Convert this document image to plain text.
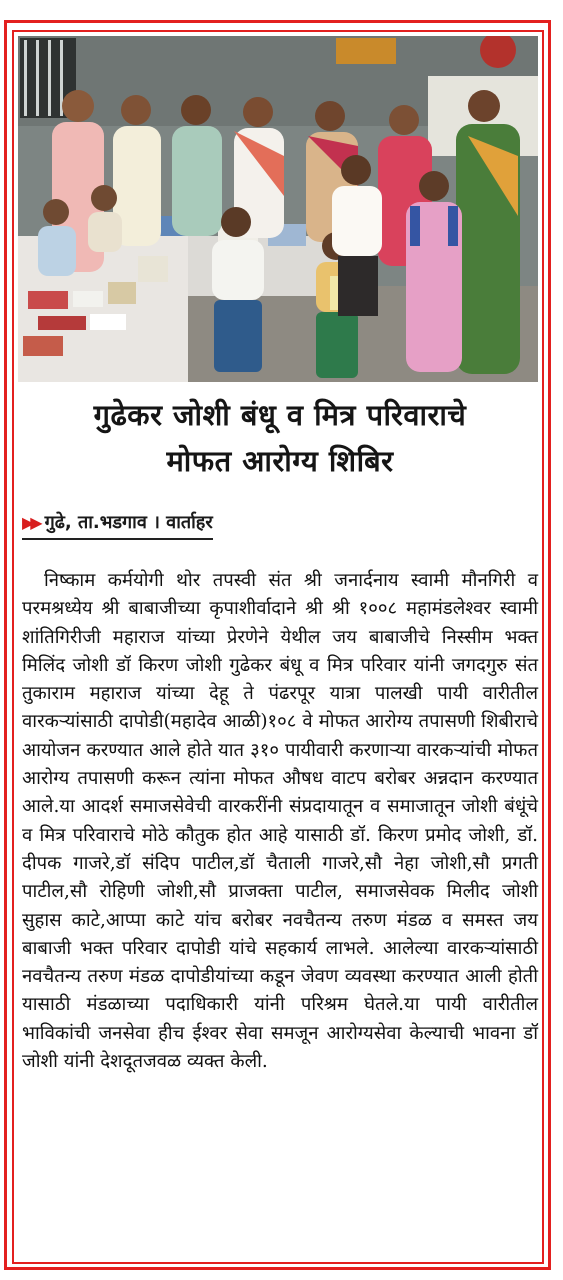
गुढेकर जोशी बंधू व मित्र परिवाराचे
मोफत आरोग्य शिबिर
▶▶ गुढे, ता.भडगाव । वार्ताहर

निष्काम कर्मयोगी थोर तपस्वी संत श्री जनार्दनाय स्वामी मौनगिरी व परमश्रध्येय श्री बाबाजीच्या कृपाशीर्वादाने श्री श्री १००८ महामंडलेश्वर स्वामी शांतिगिरीजी महाराज यांच्या प्रेरणेने येथील जय बाबाजीचे निस्सीम भक्त मिलिंद जोशी डॉ किरण जोशी गुढेकर बंधू व मित्र परिवार यांनी जगदगुरु संत तुकाराम महाराज यांच्या देहू ते पंढरपूर यात्रा पालखी पायी वारीतील वारकऱ्यांसाठी दापोडी(महादेव आळी)१०८ वे मोफत आरोग्य तपासणी शिबीराचे आयोजन करण्यात आले होते यात ३१० पायीवारी करणाऱ्या वारकऱ्यांची मोफत आरोग्य तपासणी करून त्यांना मोफत औषध वाटप बरोबर अन्नदान करण्यात आले.या आदर्श समाजसेवेची वारकरींनी संप्रदायातून व समाजातून जोशी बंधूंचे व मित्र परिवाराचे मोठे कौतुक होत आहे यासाठी डॉ. किरण प्रमोद जोशी, डॉ. दीपक गाजरे,डॉ संदिप पाटील,डॉ चैताली गाजरे,सौ नेहा जोशी,सौ प्रगती पाटील,सौ रोहिणी जोशी,सौ प्राजक्ता पाटील, समाजसेवक मिलीद जोशी सुहास काटे,आप्पा काटे यांच बरोबर नवचैतन्य तरुण मंडळ व समस्त जय बाबाजी भक्त परिवार दापोडी यांचे सहकार्य लाभले. आलेल्या वारकऱ्यांसाठी नवचैतन्य तरुण मंडळ दापोडीयांच्या कडून जेवण व्यवस्था करण्यात आली होती यासाठी मंडळाच्या पदाधिकारी यांनी परिश्रम घेतले.या पायी वारीतील भाविकांची जनसेवा हीच ईश्वर सेवा समजून आरोग्यसेवा केल्याची भावना डॉ जोशी यांनी देशदूतजवळ व्यक्त केली.
